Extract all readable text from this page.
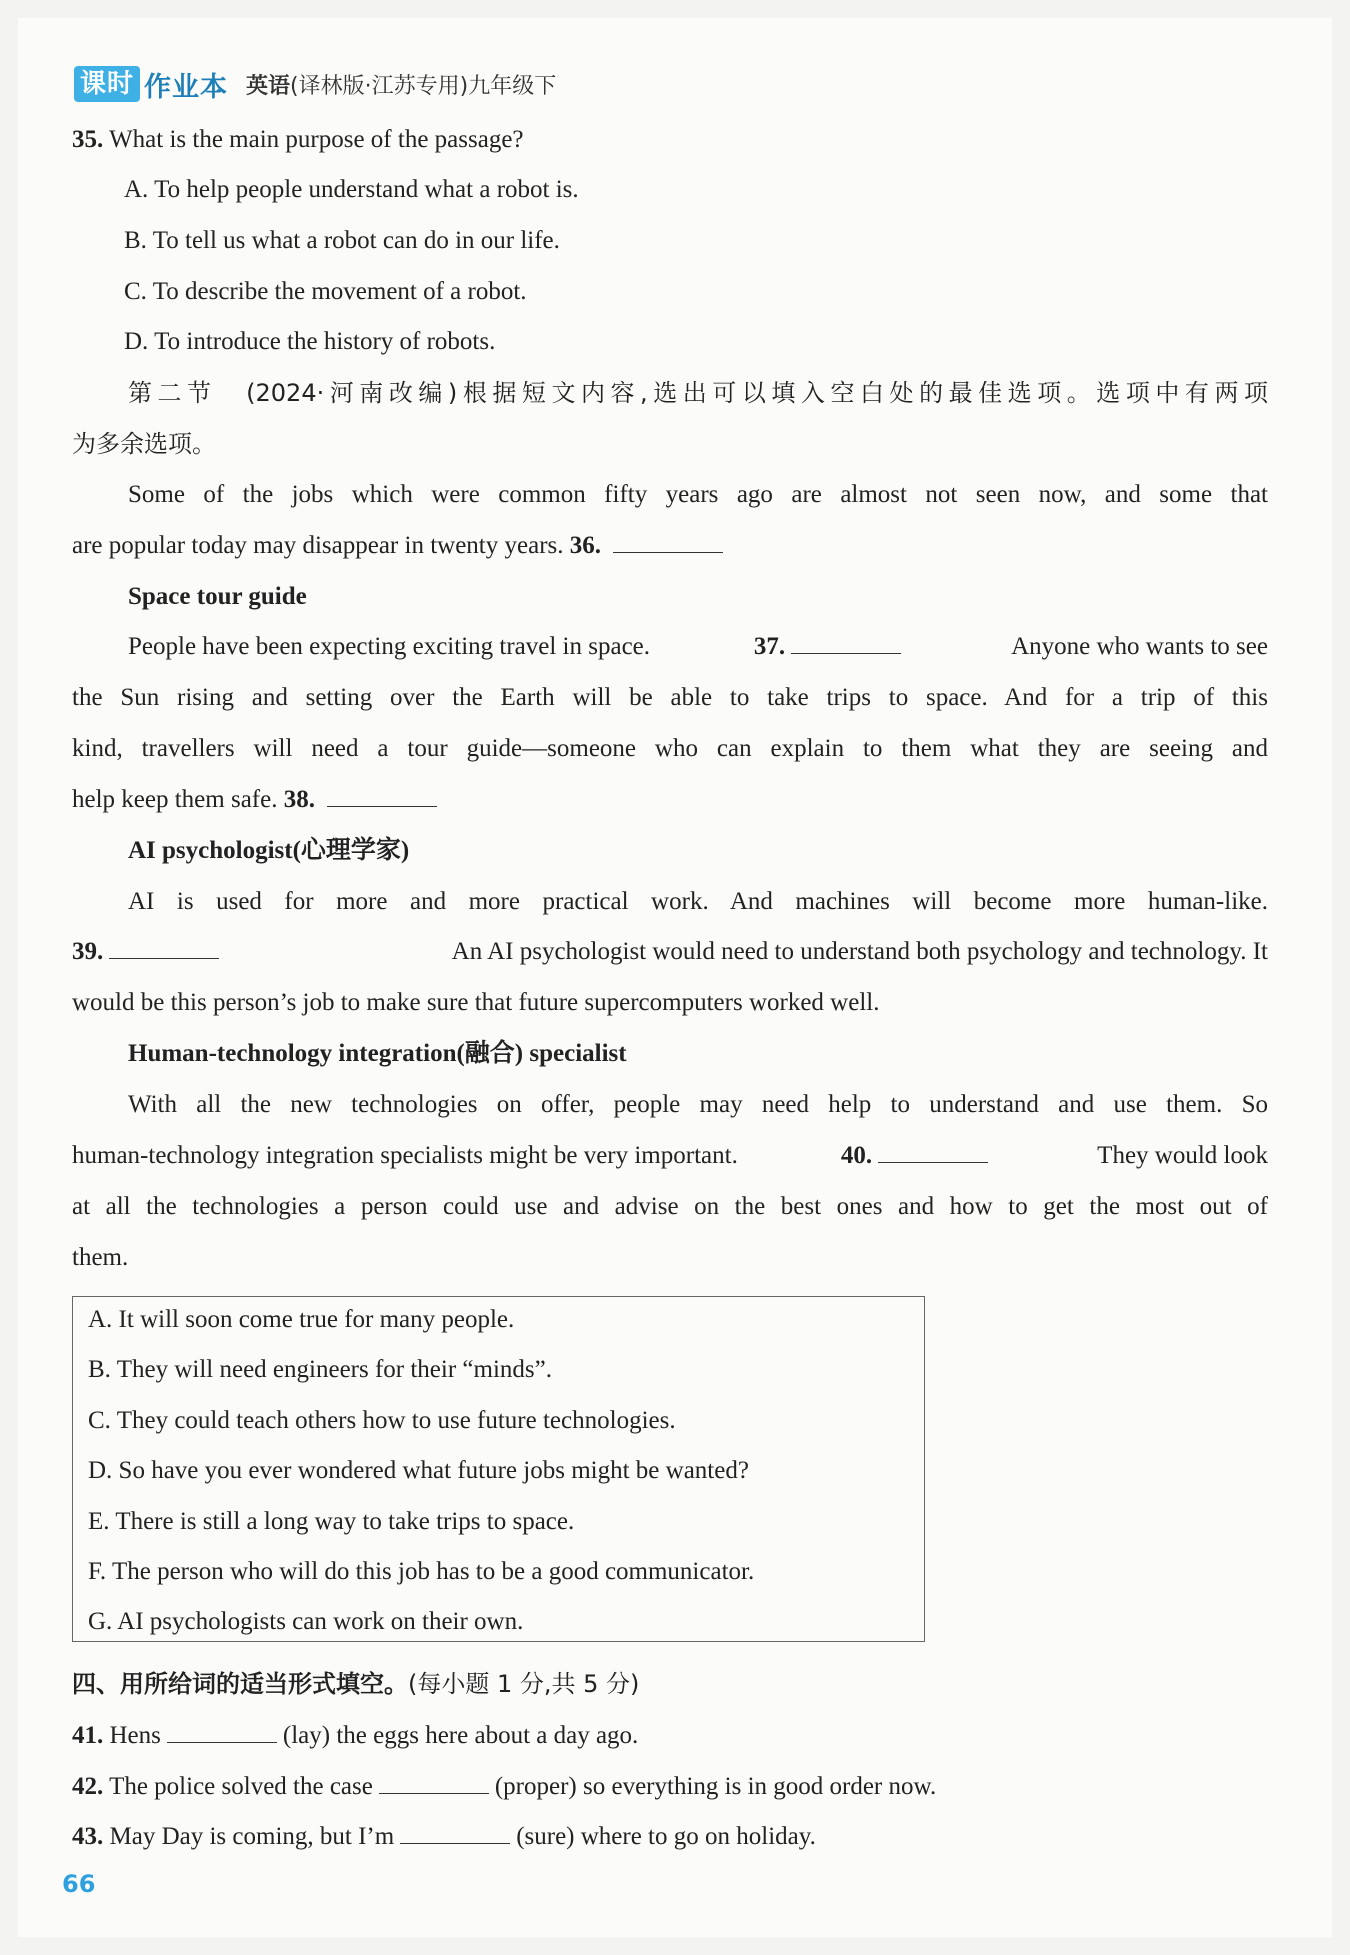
课时 作业本 英语(译林版·江苏专用)九年级下
35. What is the main purpose of the passage?
A. To help people understand what a robot is.
B. To tell us what a robot can do in our life.
C. To describe the movement of a robot.
D. To introduce the history of robots.
第二节　(2024·河南改编)根据短文内容,选出可以填入空白处的最佳选项。选项中有两项
为多余选项。
Some of the jobs which were common fifty years ago are almost not seen now, and some that
are popular today may disappear in twenty years. 36.
Space tour guide
People have been expecting exciting travel in space.	37.	Anyone who wants to see
the Sun rising and setting over the Earth will be able to take trips to space. And for a trip of this
kind, travellers will need a tour guide—someone who can explain to them what they are seeing and
help keep them safe. 38.
AI psychologist(心理学家)
AI is used for more and more practical work. And machines will become more human-like.
39.	An AI psychologist would need to understand both psychology and technology. It
would be this person’s job to make sure that future supercomputers worked well.
Human-technology integration(融合) specialist
With all the new technologies on offer, people may need help to understand and use them. So
human-technology integration specialists might be very important.	40.	They would look
at all the technologies a person could use and advise on the best ones and how to get the most out of
them.
A. It will soon come true for many people.
B. They will need engineers for their “minds”.
C. They could teach others how to use future technologies.
D. So have you ever wondered what future jobs might be wanted?
E. There is still a long way to take trips to space.
F. The person who will do this job has to be a good communicator.
G. AI psychologists can work on their own.
四、用所给词的适当形式填空。(每小题 1 分,共 5 分)
41. Hens	(lay) the eggs here about a day ago.
42. The police solved the case	(proper) so everything is in good order now.
43. May Day is coming, but I’m	(sure) where to go on holiday.
66
